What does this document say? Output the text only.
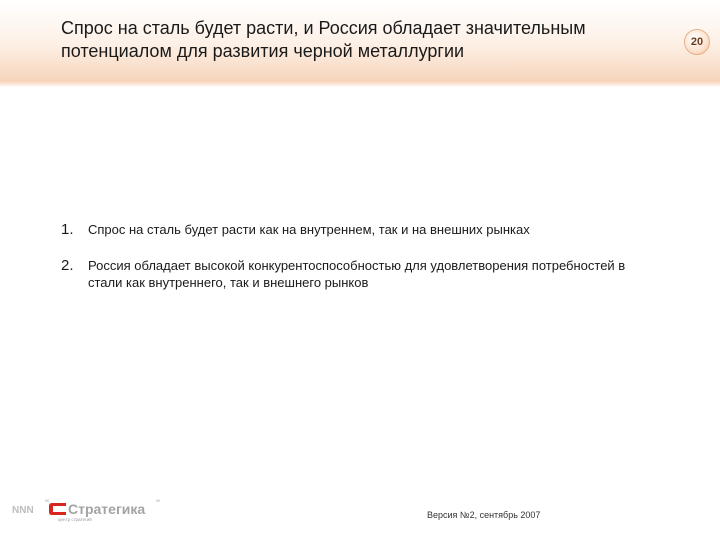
Спрос на сталь будет расти, и Россия обладает значительным потенциалом для развития черной металлургии	20
1.	Спрос на сталь будет расти как на внутреннем, так и на внешних рынках
2.	Россия обладает высокой конкурентоспособностью для удовлетворения потребностей в стали как внутреннего, так и внешнего рынков
NNN
" Стратегика "
центр стратегий	Версия №2, сентябрь 2007
